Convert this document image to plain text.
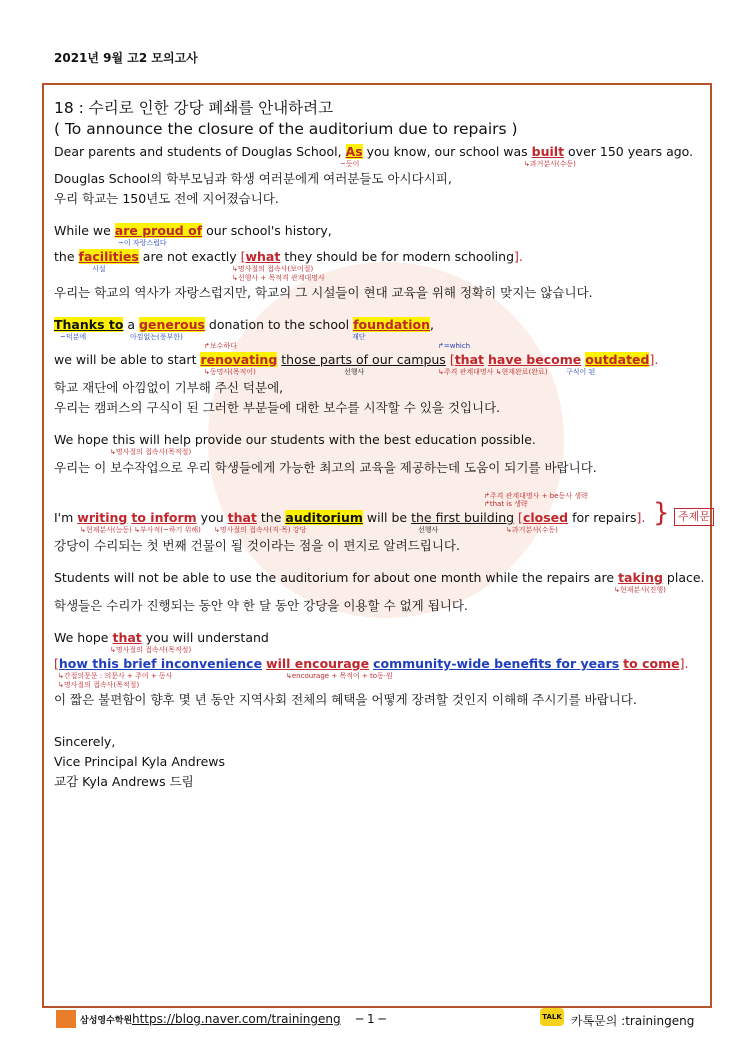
2021년 9월 고2 모의고사
18 : 수리로 인한 강당 폐쇄를 안내하려고
( To announce the closure of the auditorium due to repairs )
Dear parents and students of Douglas School, As you know, our school was built over 150 years ago.
~듯이	↳과거분사(수동)
Douglas School의 학부모님과 학생 여러분에게 여러분들도 아시다시피,
우리 학교는 150년도 전에 지어졌습니다.
While we are proud of our school's history,
~이 자랑스럽다
the facilities are not exactly [what they should be for modern schooling].
시설	↳명사절의 접속사(보어절)
↳선행사 + 목적격 관계대명사
우리는 학교의 역사가 자랑스럽지만, 학교의 그 시설들이 현대 교육을 위해 정확히 맞지는 않습니다.
Thanks to a generous donation to the school foundation,
~덕분에	아낌없는(풍부한)	재단
↱보수하다	↱=which
we will be able to start renovating those parts of our campus [that have become outdated].
↳동명사(목적어)	선행사	↳주격 관계대명사 ↳현재완료(완료)	구식이 된
학교 재단에 아낌없이 기부해 주신 덕분에,
우리는 캠퍼스의 구식이 된 그러한 부분들에 대한 보수를 시작할 수 있을 것입니다.
We hope this will help provide our students with the best education possible.
↳명사절의 접속사(목적절)
우리는 이 보수작업으로 우리 학생들에게 가능한 최고의 교육을 제공하는데 도움이 되기를 바랍니다.
↱주격 관계대명사 + be동사 생략
↱that is 생략
I'm writing to inform you that the auditorium will be the first building [closed for repairs]. } 주제문
↳현재분사(능동) ↳부사적(~하기 위해) ↳명사절의 접속사(직·목) 강당	선행사	↳과거분사(수동)
강당이 수리되는 첫 번째 건물이 될 것이라는 점을 이 편지로 알려드립니다.
Students will not be able to use the auditorium for about one month while the repairs are taking place.
↳현재분사(진행)
학생들은 수리가 진행되는 동안 약 한 달 동안 강당을 이용할 수 없게 됩니다.
We hope that you will understand
↳명사절의 접속사(목적절)
[how this brief inconvenience will encourage community-wide benefits for years to come].
↳간접의문문 : 의문사 + 주어 + 동사
↳명사절의 접속사(목적절)
↳encourage + 목적어 + to동·원
이 짧은 불편함이 향후 몇 년 동안 지역사회 전체의 혜택을 어떻게 장려할 것인지 이해해 주시기를 바랍니다.
Sincerely,
Vice Principal Kyla Andrews
교감 Kyla Andrews 드림
삼성영수학원 https://blog.naver.com/trainingeng ─ 1 ─	TALK 카톡문의 :trainingeng
